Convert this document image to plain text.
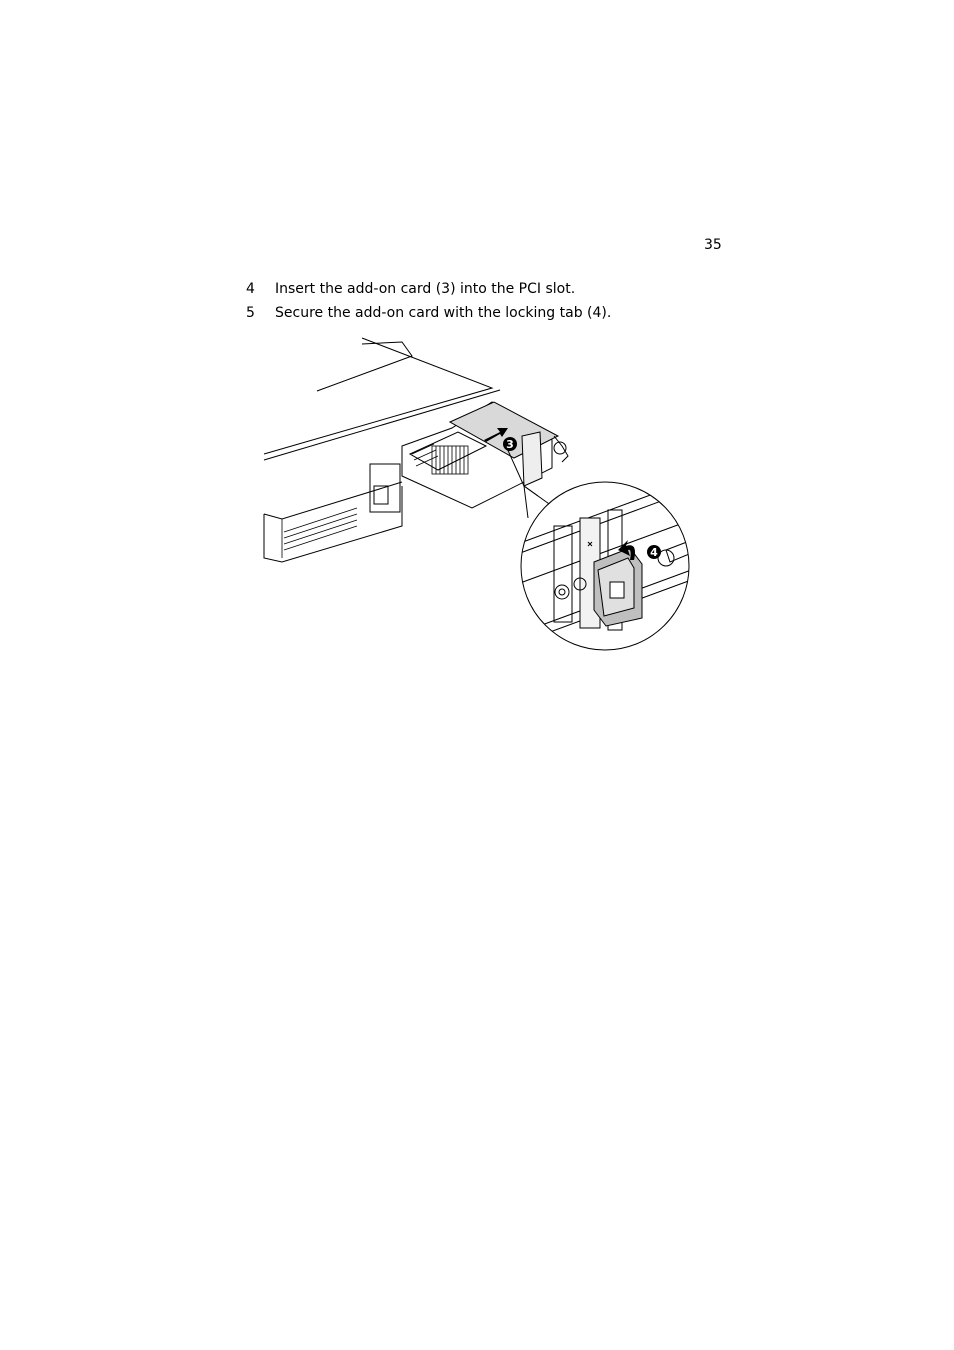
35
4 Insert the add-on card (3) into the PCI slot.
5 Secure the add-on card with the locking tab (4).
3
4
